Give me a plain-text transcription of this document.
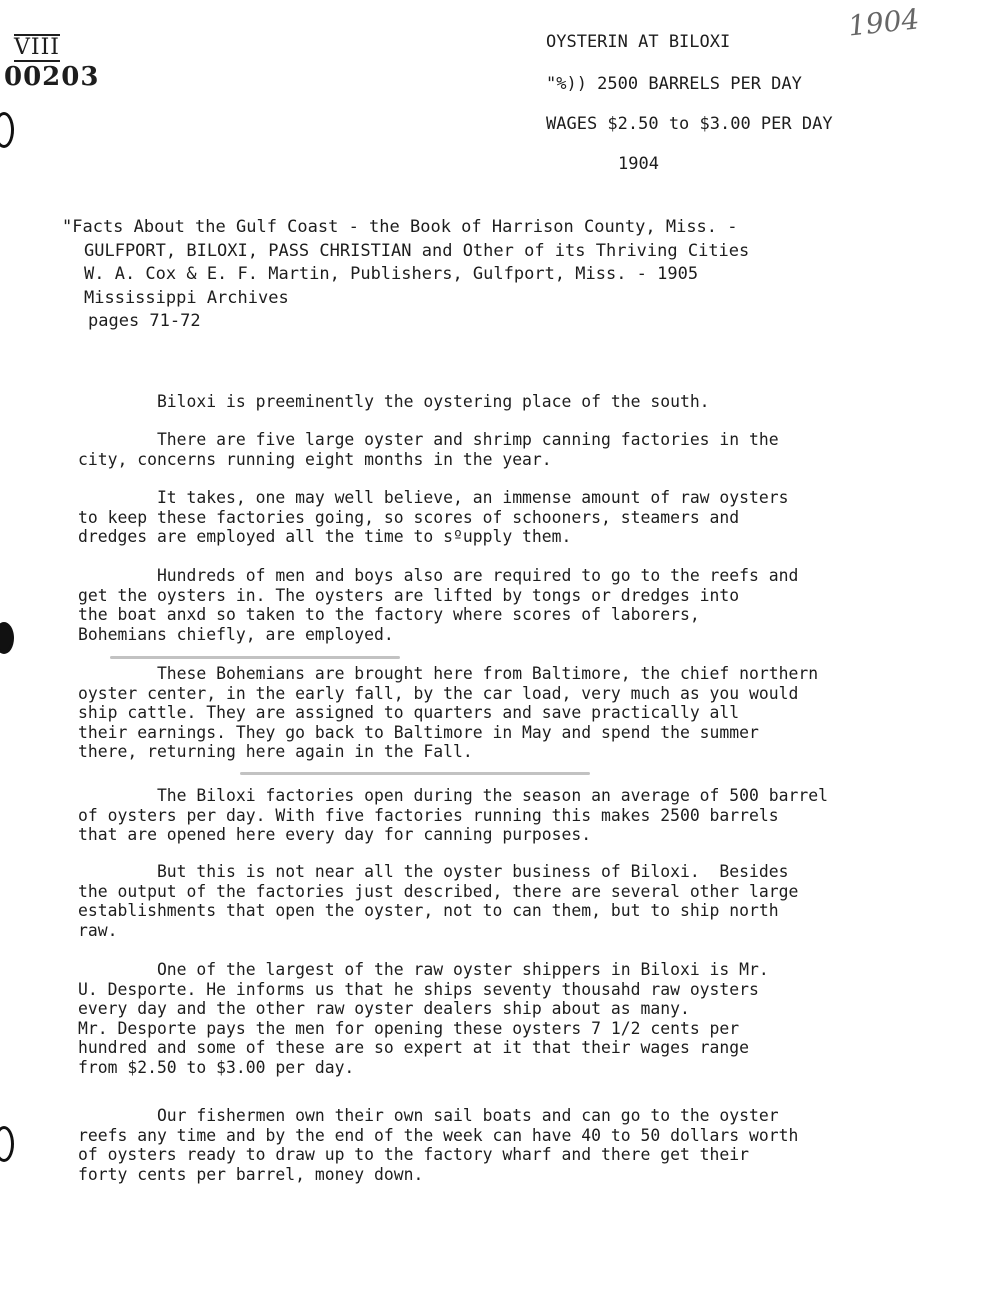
VIII
00203
1904
OYSTERIN AT BILOXI
"%)) 2500 BARRELS PER DAY
WAGES $2.50 to $3.00 PER DAY
1904
"Facts About the Gulf Coast - the Book of Harrison County, Miss. -
GULFPORT, BILOXI, PASS CHRISTIAN and Other of its Thriving Cities
W. A. Cox & E. F. Martin, Publishers, Gulfport, Miss. - 1905
Mississippi Archives
pages 71-72
Biloxi is preeminently the oystering place of the south.
There are five large oyster and shrimp canning factories in the
city, concerns running eight months in the year.
It takes, one may well believe, an immense amount of raw oysters
to keep these factories going, so scores of schooners, steamers and
dredges are employed all the time to sºupply them.
Hundreds of men and boys also are required to go to the reefs and
get the oysters in. The oysters are lifted by tongs or dredges into
the boat anxd so taken to the factory where scores of laborers,
Bohemians chiefly, are employed.
These Bohemians are brought here from Baltimore, the chief northern
oyster center, in the early fall, by the car load, very much as you would
ship cattle. They are assigned to quarters and save practically all
their earnings. They go back to Baltimore in May and spend the summer
there, returning here again in the Fall.
The Biloxi factories open during the season an average of 500 barrel
of oysters per day. With five factories running this makes 2500 barrels
that are opened here every day for canning purposes.
But this is not near all the oyster business of Biloxi.  Besides
the output of the factories just described, there are several other large
establishments that open the oyster, not to can them, but to ship north
raw.
One of the largest of the raw oyster shippers in Biloxi is Mr.
U. Desporte. He informs us that he ships seventy thousahd raw oysters
every day and the other raw oyster dealers ship about as many.
Mr. Desporte pays the men for opening these oysters 7 1/2 cents per
hundred and some of these are so expert at it that their wages range
from $2.50 to $3.00 per day.
Our fishermen own their own sail boats and can go to the oyster
reefs any time and by the end of the week can have 40 to 50 dollars worth
of oysters ready to draw up to the factory wharf and there get their
forty cents per barrel, money down.
